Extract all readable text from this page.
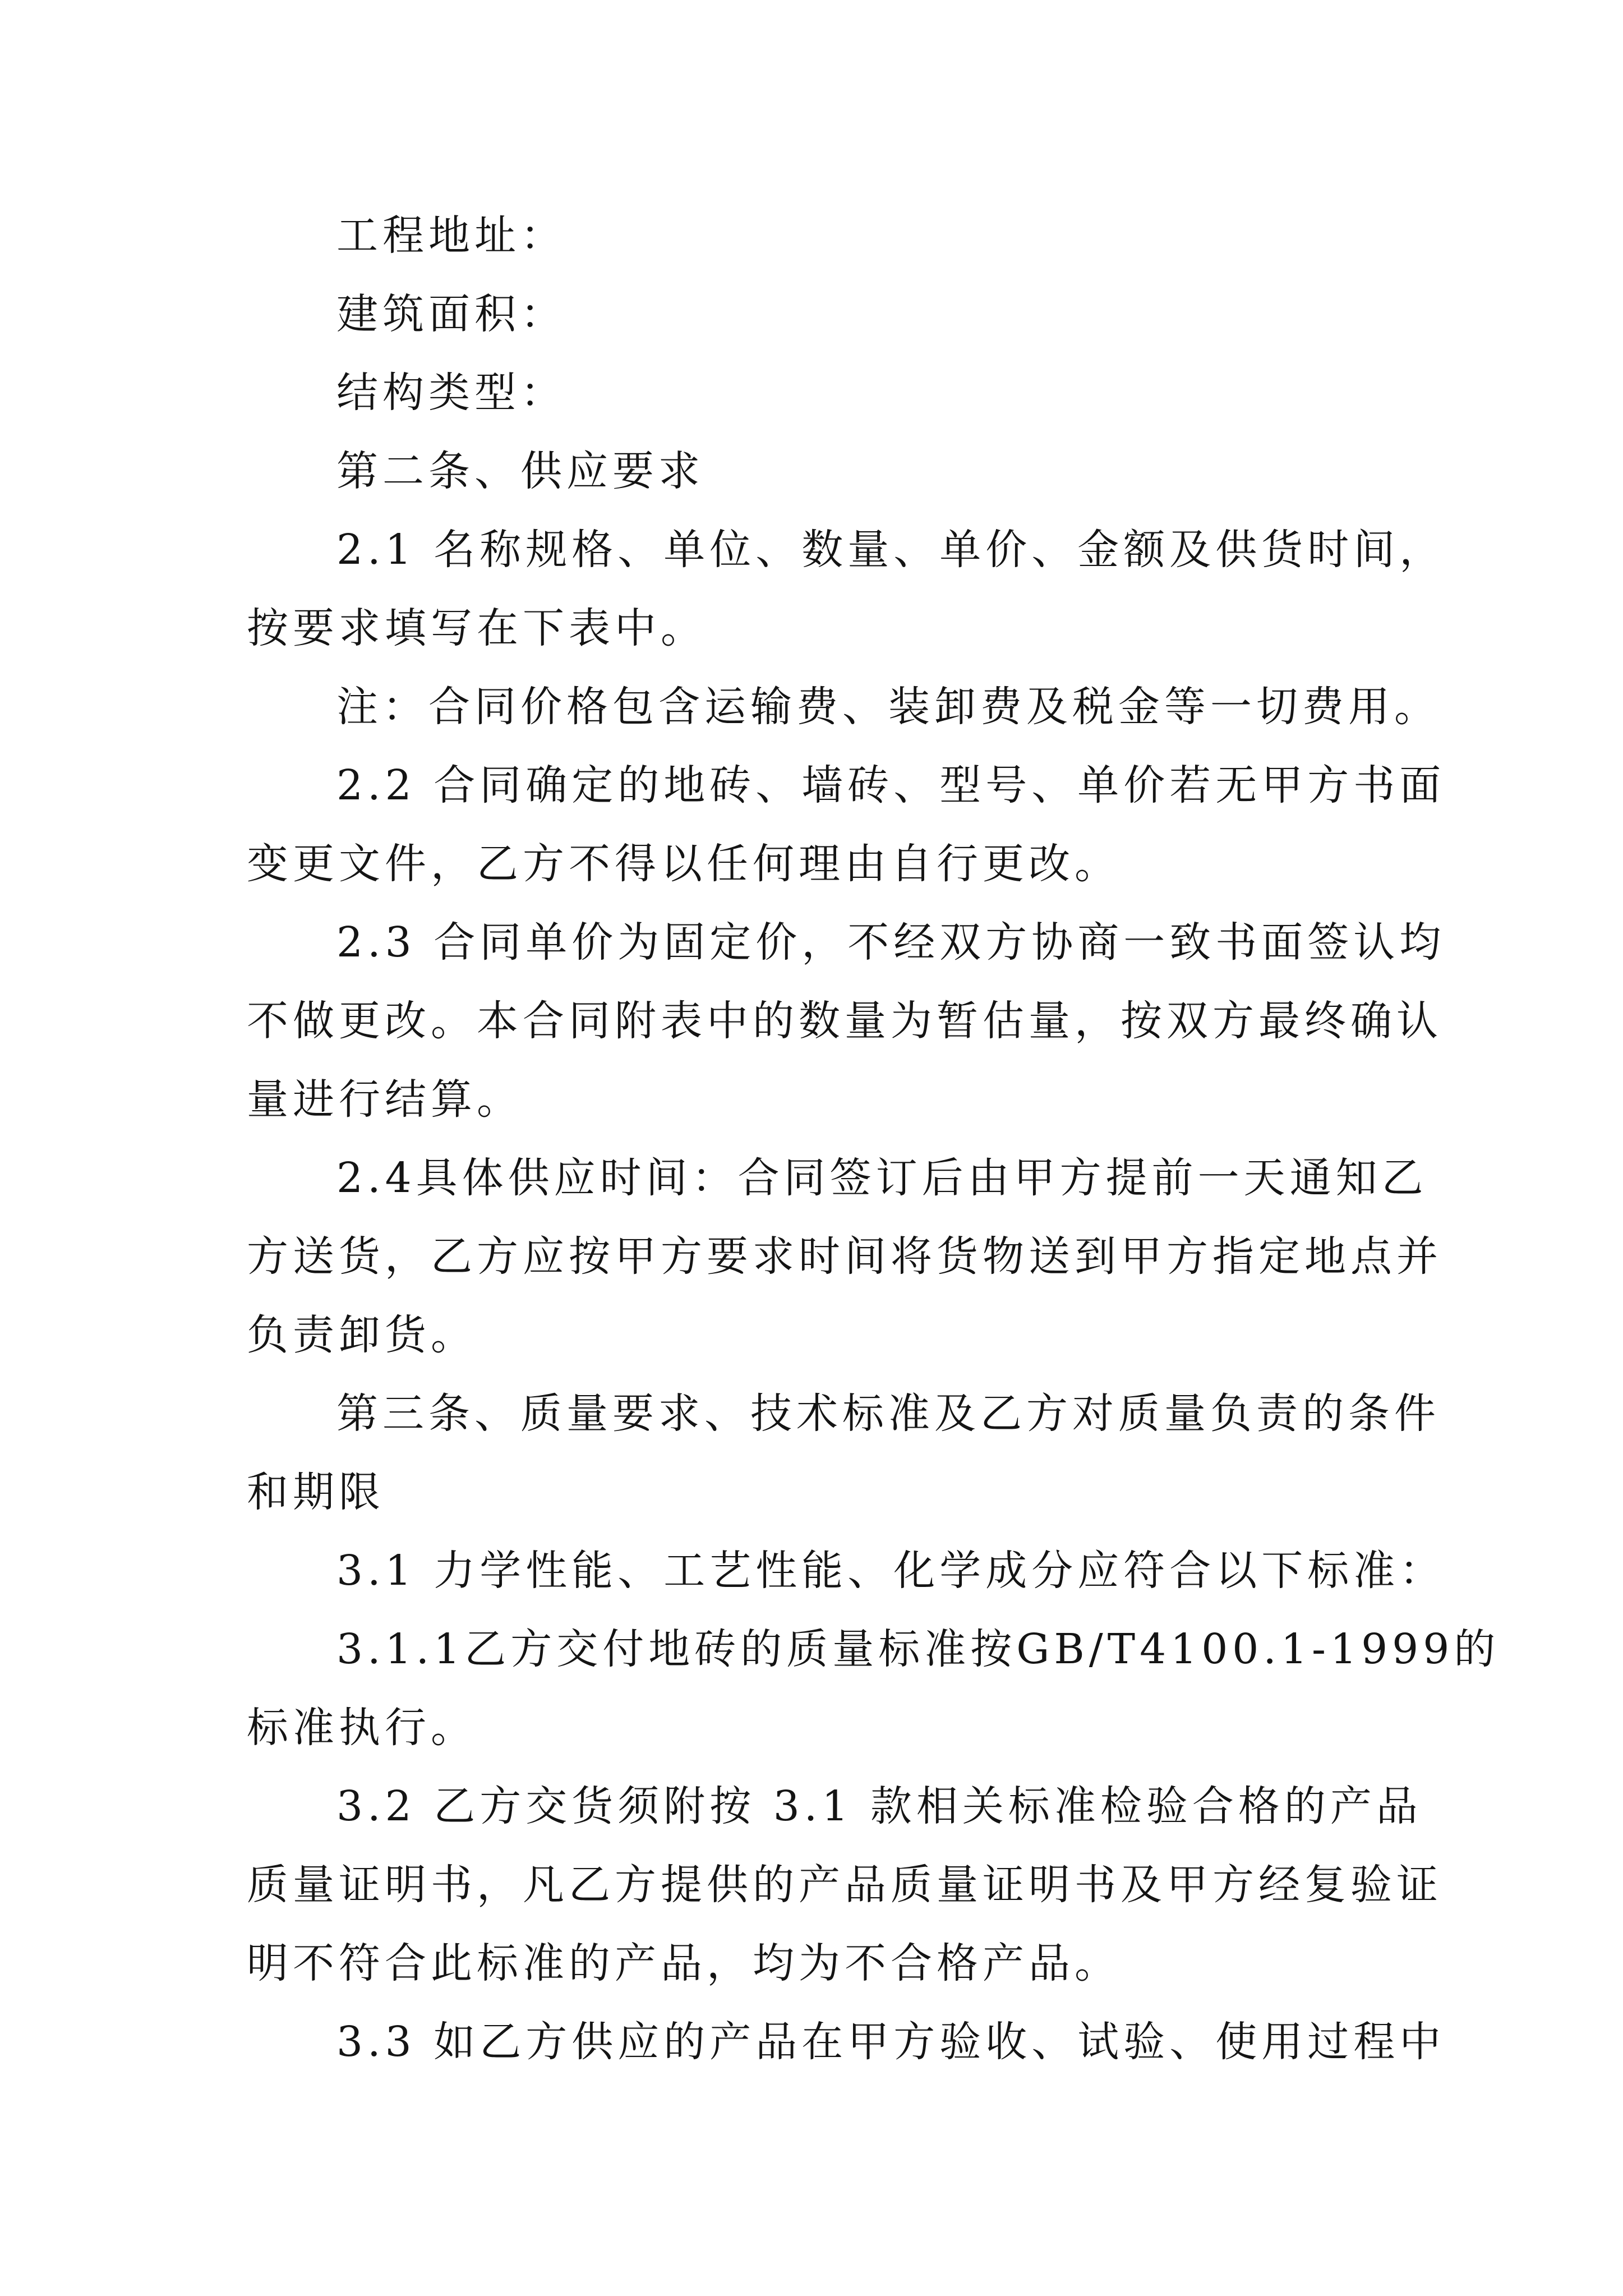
工程地址：

建筑面积：

结构类型：

第二条、供应要求

2.1 名称规格、单位、数量、单价、金额及供货时间，

按要求填写在下表中。

注：合同价格包含运输费、装卸费及税金等一切费用。

2.2 合同确定的地砖、墙砖、型号、单价若无甲方书面

变更文件，乙方不得以任何理由自行更改。

2.3 合同单价为固定价，不经双方协商一致书面签认均

不做更改。本合同附表中的数量为暂估量，按双方最终确认

量进行结算。

2.4具体供应时间：合同签订后由甲方提前一天通知乙

方送货，乙方应按甲方要求时间将货物送到甲方指定地点并

负责卸货。

第三条、质量要求、技术标准及乙方对质量负责的条件

和期限

3.1 力学性能、工艺性能、化学成分应符合以下标准：

3.1.1乙方交付地砖的质量标准按GB/T4100.1-1999的

标准执行。

3.2 乙方交货须附按 3.1 款相关标准检验合格的产品

质量证明书，凡乙方提供的产品质量证明书及甲方经复验证

明不符合此标准的产品，均为不合格产品。

3.3 如乙方供应的产品在甲方验收、试验、使用过程中
